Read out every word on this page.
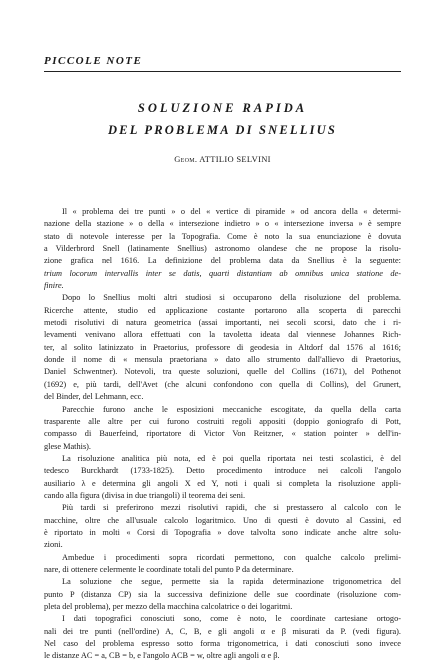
PICCOLE NOTE
SOLUZIONE RAPIDA
DEL PROBLEMA DI SNELLIUS
Geom. ATTILIO SELVINI
Il « problema dei tre punti » o del « vertice di piramide » od ancora della « determi-
nazione della stazione » o della « intersezione indietro » o « intersezione inversa » è sempre
stato di notevole interesse per la Topografia. Come è noto la sua enunciazione è dovuta
a Vilderbrord Snell (latinamente Snellius) astronomo olandese che ne propose la risolu-
zione grafica nel 1616. La definizione del problema data da Snellius è la seguente:
trium locorum intervallis inter se datis, quarti distantiam ab omnibus unica statione de-
finire.
Dopo lo Snellius molti altri studiosi si occuparono della risoluzione del problema.
Ricerche attente, studio ed applicazione costante portarono alla scoperta di parecchi
metodi risolutivi di natura geometrica (assai importanti, nei secoli scorsi, dato che i ri-
levamenti venivano allora effettuati con la tavoletta ideata dal viennese Johannes Rich-
ter, al solito latinizzato in Praetorius, professore di geodesia in Altdorf dal 1576 al 1616;
donde il nome di « mensula praetoriana » dato allo strumento dall'allievo di Praetorius,
Daniel Schwentner). Notevoli, tra queste soluzioni, quelle del Collins (1671), del Pothenot
(1692) e, più tardi, dell'Avet (che alcuni confondono con quella di Collins), del Grunert,
del Binder, del Lehmann, ecc.
Parecchie furono anche le esposizioni meccaniche escogitate, da quella della carta
trasparente alle altre per cui furono costruiti regoli appositi (doppio goniografo di Pott,
compasso di Bauerfeind, riportatore di Victor Von Reitzner, « station pointer » dell'in-
glese Mathis).
La risoluzione analitica più nota, ed è poi quella riportata nei testi scolastici, è del
tedesco Burckhardt (1733-1825). Detto procedimento introduce nei calcoli l'angolo
ausiliario λ e determina gli angoli X ed Y, noti i quali si completa la risoluzione appli-
cando alla figura (divisa in due triangoli) il teorema dei seni.
Più tardi si preferirono mezzi risolutivi rapidi, che si prestassero al calcolo con le
macchine, oltre che all'usuale calcolo logaritmico. Uno di questi è dovuto al Cassini, ed
è riportato in molti « Corsi di Topografia » dove talvolta sono indicate anche altre solu-
zioni.
Ambedue i procedimenti sopra ricordati permettono, con qualche calcolo prelimi-
nare, di ottenere celermente le coordinate totali del punto P da determinare.
La soluzione che segue, permette sia la rapida determinazione trigonometrica del
punto P (distanza CP) sia la successiva definizione delle sue coordinate (risoluzione com-
pleta del problema), per mezzo della macchina calcolatrice o dei logaritmi.
I dati topografici conosciuti sono, come è noto, le coordinate cartesiane ortogo-
nali dei tre punti (nell'ordine) A, C, B, e gli angoli α e β misurati da P. (vedi figura).
Nel caso del problema espresso sotto forma trigonometrica, i dati conosciuti sono invece
le distanze AC = a, CB = b, e l'angolo ACB = w, oltre agli angoli α e β.
